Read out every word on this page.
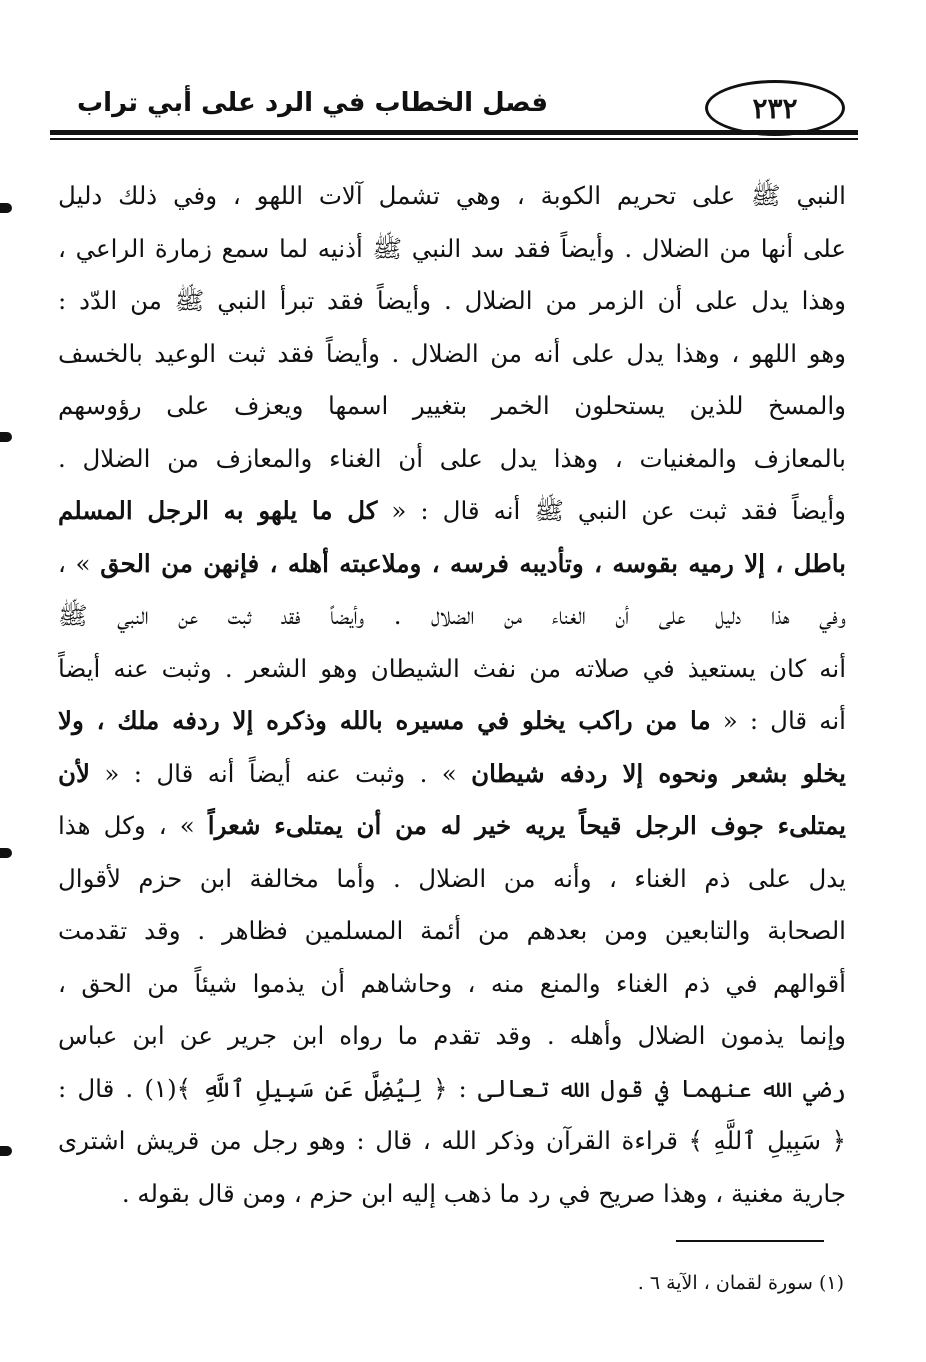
فصل الخطاب في الرد على أبي تراب	٢٣٢
النبي ﷺ على تحريم الكوبة ، وهي تشمل آلات اللهو ، وفي ذلك دليل
على أنها من الضلال . وأيضاً فقد سد النبي ﷺ أذنيه لما سمع زمارة الراعي ،
وهذا يدل على أن الزمر من الضلال . وأيضاً فقد تبرأ النبي ﷺ من الدّد :
وهو اللهو ، وهذا يدل على أنه من الضلال . وأيضاً فقد ثبت الوعيد بالخسف
والمسخ للذين يستحلون الخمر بتغيير اسمها ويعزف على رؤوسهم
بالمعازف والمغنيات ، وهذا يدل على أن الغناء والمعازف من الضلال .
وأيضاً فقد ثبت عن النبي ﷺ أنه قال : « كل ما يلهو به الرجل المسلم
باطل ، إلا رميه بقوسه ، وتأديبه فرسه ، وملاعبته أهله ، فإنهن من الحق » ،
وفي هذا دليل على أن الغناء من الضلال . وأيضاً فقد ثبت عن النبي ﷺ
أنه كان يستعيذ في صلاته من نفث الشيطان وهو الشعر . وثبت عنه أيضاً
أنه قال : « ما من راكب يخلو في مسيره بالله وذكره إلا ردفه ملك ، ولا
يخلو بشعر ونحوه إلا ردفه شيطان » . وثبت عنه أيضاً أنه قال : « لأن
يمتلىء جوف الرجل قيحاً يريه خير له من أن يمتلىء شعراً » ، وكل هذا
يدل على ذم الغناء ، وأنه من الضلال . وأما مخالفة ابن حزم لأقوال
الصحابة والتابعين ومن بعدهم من أئمة المسلمين فظاهر . وقد تقدمت
أقوالهم في ذم الغناء والمنع منه ، وحاشاهم أن يذموا شيئاً من الحق ،
وإنما يذمون الضلال وأهله . وقد تقدم ما رواه ابن جرير عن ابن عباس
رضي الله عنهما في قول الله تعالى : ﴿ لِيُضِلَّ عَن سَبِيلِ ٱللَّهِ ﴾(١) . قال :
﴿ سَبِيلِ ٱللَّهِ ﴾ قراءة القرآن وذكر الله ، قال : وهو رجل من قريش اشترى
جارية مغنية ، وهذا صريح في رد ما ذهب إليه ابن حزم ، ومن قال بقوله .
(١) سورة لقمان ، الآية ٦ .
